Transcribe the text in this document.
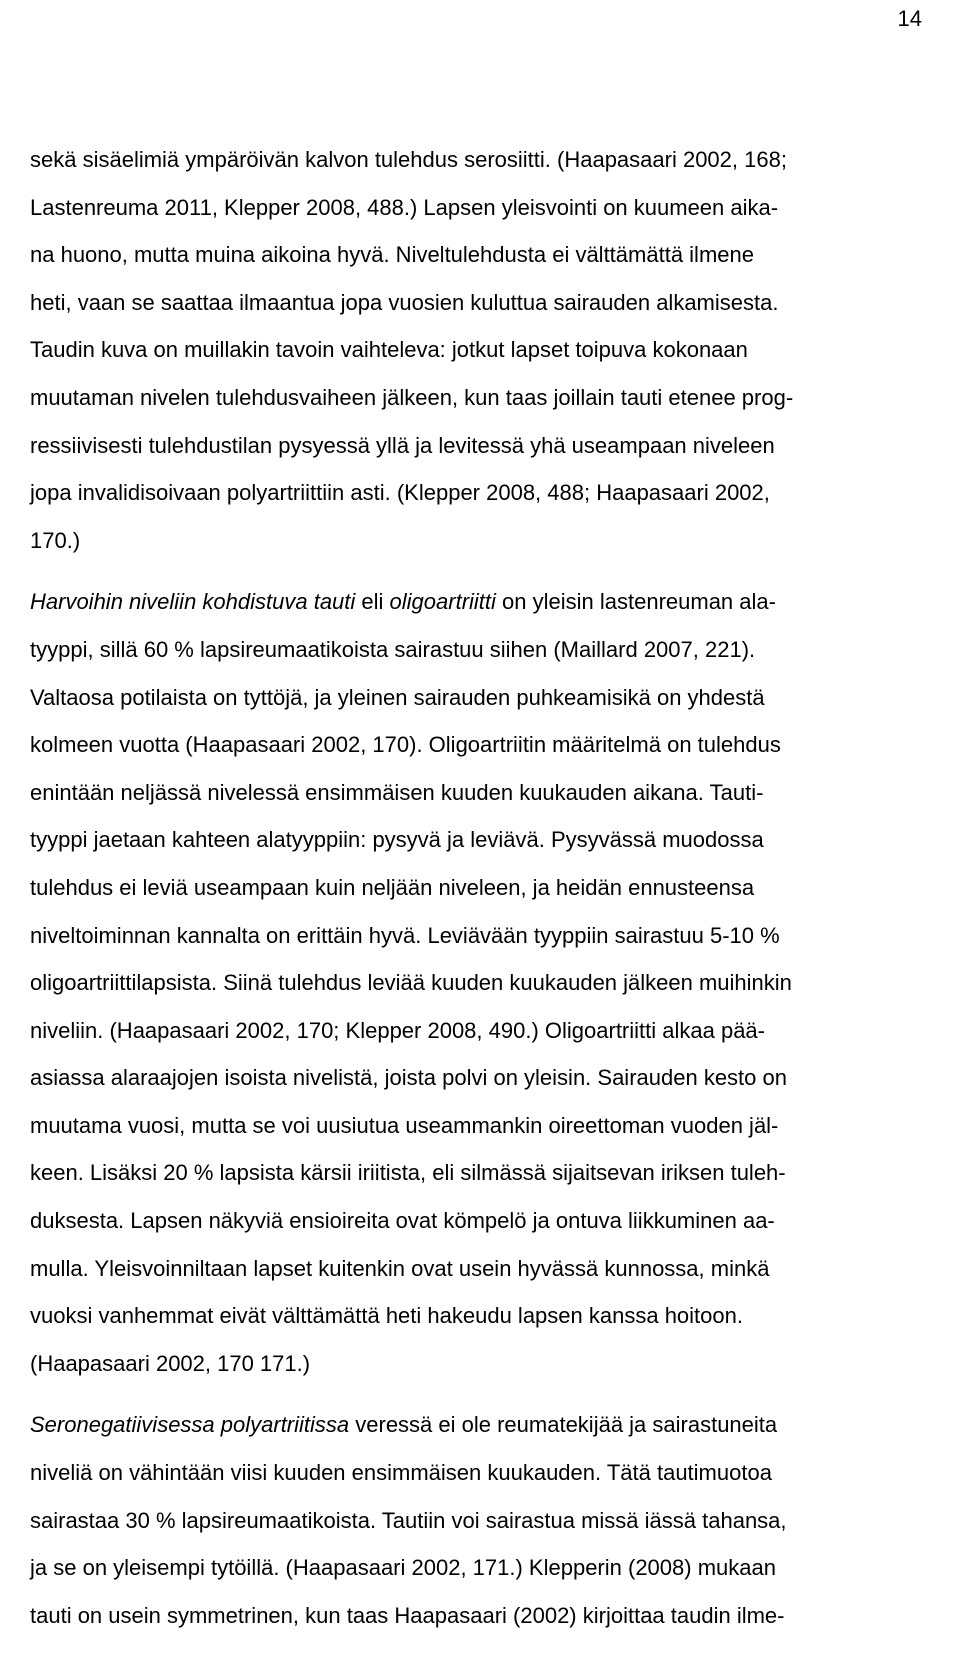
14
sekä sisäelimiä ympäröivän kalvon tulehdus serosiitti. (Haapasaari 2002, 168;
Lastenreuma 2011, Klepper 2008, 488.) Lapsen yleisvointi on kuumeen aika-
na huono, mutta muina aikoina hyvä. Niveltulehdusta ei välttämättä ilmene
heti, vaan se saattaa ilmaantua jopa vuosien kuluttua sairauden alkamisesta.
Taudin kuva on muillakin tavoin vaihteleva: jotkut lapset toipuva kokonaan
muutaman nivelen tulehdusvaiheen jälkeen, kun taas joillain tauti etenee prog-
ressiivisesti tulehdustilan pysyessä yllä ja levitessä yhä useampaan niveleen
jopa invalidisoivaan polyartriittiin asti. (Klepper 2008, 488; Haapasaari 2002,
170.)
Harvoihin niveliin kohdistuva tauti eli oligoartriitti on yleisin lastenreuman ala-
tyyppi, sillä 60 % lapsireumaatikoista sairastuu siihen (Maillard 2007, 221).
Valtaosa potilaista on tyttöjä, ja yleinen sairauden puhkeamisikä on yhdestä
kolmeen vuotta (Haapasaari 2002, 170). Oligoartriitin määritelmä on tulehdus
enintään neljässä nivelessä ensimmäisen kuuden kuukauden aikana. Tauti-
tyyppi jaetaan kahteen alatyyppiin: pysyvä ja leviävä. Pysyvässä muodossa
tulehdus ei leviä useampaan kuin neljään niveleen, ja heidän ennusteensa
niveltoiminnan kannalta on erittäin hyvä. Leviävään tyyppiin sairastuu 5-10 %
oligoartriittilapsista. Siinä tulehdus leviää kuuden kuukauden jälkeen muihinkin
niveliin. (Haapasaari 2002, 170; Klepper 2008, 490.) Oligoartriitti alkaa pää-
asiassa alaraajojen isoista nivelistä, joista polvi on yleisin. Sairauden kesto on
muutama vuosi, mutta se voi uusiutua useammankin oireettoman vuoden jäl-
keen. Lisäksi 20 % lapsista kärsii iriitista, eli silmässä sijaitsevan iriksen tuleh-
duksesta. Lapsen näkyviä ensioireita ovat kömpelö ja ontuva liikkuminen aa-
mulla. Yleisvoinniltaan lapset kuitenkin ovat usein hyvässä kunnossa, minkä
vuoksi vanhemmat eivät välttämättä heti hakeudu lapsen kanssa hoitoon.
(Haapasaari 2002, 170 171.)
Seronegatiivisessa polyartriitissa veressä ei ole reumatekijää ja sairastuneita
niveliä on vähintään viisi kuuden ensimmäisen kuukauden. Tätä tautimuotoa
sairastaa 30 % lapsireumaatikoista. Tautiin voi sairastua missä iässä tahansa,
ja se on yleisempi tytöillä. (Haapasaari 2002, 171.) Klepperin (2008) mukaan
tauti on usein symmetrinen, kun taas Haapasaari (2002) kirjoittaa taudin ilme-
